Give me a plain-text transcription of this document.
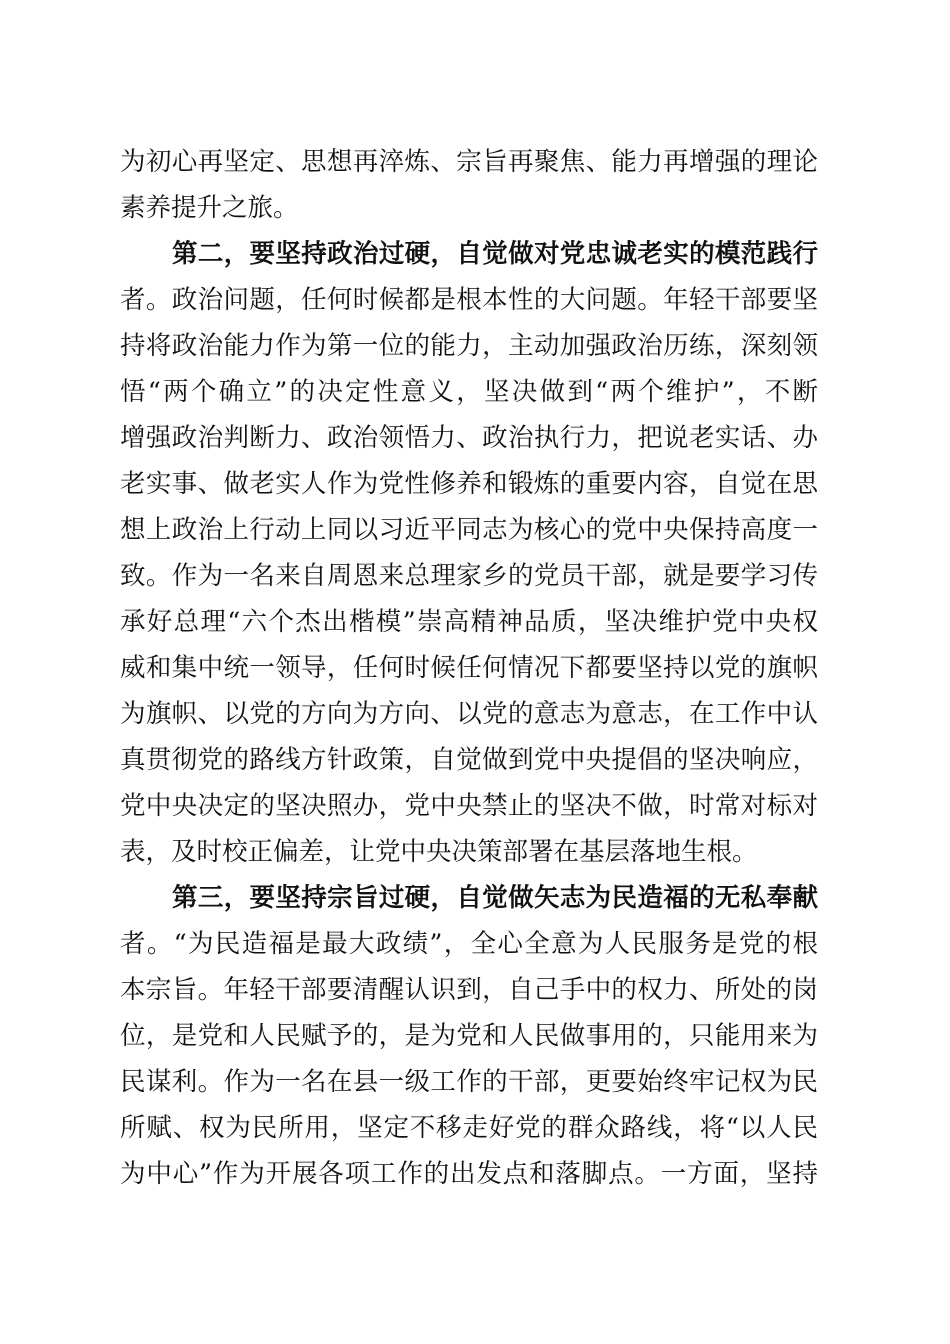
为初心再坚定、思想再淬炼、宗旨再聚焦、能力再增强的理论
素养提升之旅。
第二，要坚持政治过硬，自觉做对党忠诚老实的模范践行
者。政治问题，任何时候都是根本性的大问题。年轻干部要坚
持将政治能力作为第一位的能力，主动加强政治历练，深刻领
悟“两个确立”的决定性意义，坚决做到“两个维护”，不断
增强政治判断力、政治领悟力、政治执行力，把说老实话、办
老实事、做老实人作为党性修养和锻炼的重要内容，自觉在思
想上政治上行动上同以习近平同志为核心的党中央保持高度一
致。作为一名来自周恩来总理家乡的党员干部，就是要学习传
承好总理“六个杰出楷模”崇高精神品质，坚决维护党中央权
威和集中统一领导，任何时候任何情况下都要坚持以党的旗帜
为旗帜、以党的方向为方向、以党的意志为意志，在工作中认
真贯彻党的路线方针政策，自觉做到党中央提倡的坚决响应，
党中央决定的坚决照办，党中央禁止的坚决不做，时常对标对
表，及时校正偏差，让党中央决策部署在基层落地生根。
第三，要坚持宗旨过硬，自觉做矢志为民造福的无私奉献
者。“为民造福是最大政绩”，全心全意为人民服务是党的根
本宗旨。年轻干部要清醒认识到，自己手中的权力、所处的岗
位，是党和人民赋予的，是为党和人民做事用的，只能用来为
民谋利。作为一名在县一级工作的干部，更要始终牢记权为民
所赋、权为民所用，坚定不移走好党的群众路线，将“以人民
为中心”作为开展各项工作的出发点和落脚点。一方面，坚持
